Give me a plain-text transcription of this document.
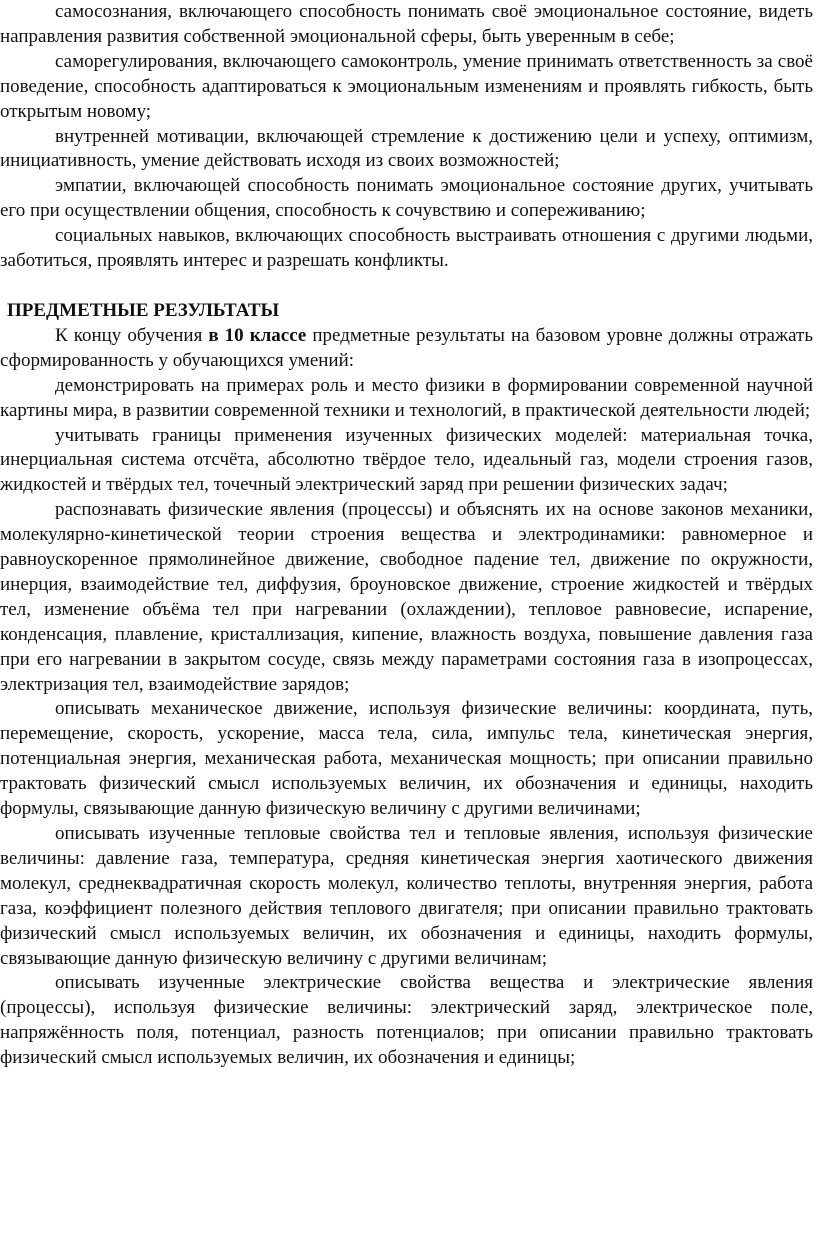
самосознания, включающего способность понимать своё эмоциональное состояние, видеть направления развития собственной эмоциональной сферы, быть уверенным в себе;

саморегулирования, включающего самоконтроль, умение принимать ответственность за своё поведение, способность адаптироваться к эмоциональным изменениям и проявлять гибкость, быть открытым новому;

внутренней мотивации, включающей стремление к достижению цели и успеху, оптимизм, инициативность, умение действовать исходя из своих возможностей;

эмпатии, включающей способность понимать эмоциональное состояние других, учитывать его при осуществлении общения, способность к сочувствию и сопереживанию;

социальных навыков, включающих способность выстраивать отношения с другими людьми, заботиться, проявлять интерес и разрешать конфликты.

ПРЕДМЕТНЫЕ РЕЗУЛЬТАТЫ

К концу обучения в 10 классе предметные результаты на базовом уровне должны отражать сформированность у обучающихся умений:

демонстрировать на примерах роль и место физики в формировании современной научной картины мира, в развитии современной техники и технологий, в практической деятельности людей;

учитывать границы применения изученных физических моделей: материальная точка, инерциальная система отсчёта, абсолютно твёрдое тело, идеальный газ, модели строения газов, жидкостей и твёрдых тел, точечный электрический заряд при решении физических задач;

распознавать физические явления (процессы) и объяснять их на основе законов механики, молекулярно-кинетической теории строения вещества и электродинамики: равномерное и равноускоренное прямолинейное движение, свободное падение тел, движение по окружности, инерция, взаимодействие тел, диффузия, броуновское движение, строение жидкостей и твёрдых тел, изменение объёма тел при нагревании (охлаждении), тепловое равновесие, испарение, конденсация, плавление, кристаллизация, кипение, влажность воздуха, повышение давления газа при его нагревании в закрытом сосуде, связь между параметрами состояния газа в изопроцессах, электризация тел, взаимодействие зарядов;

описывать механическое движение, используя физические величины: координата, путь, перемещение, скорость, ускорение, масса тела, сила, импульс тела, кинетическая энергия, потенциальная энергия, механическая работа, механическая мощность; при описании правильно трактовать физический смысл используемых величин, их обозначения и единицы, находить формулы, связывающие данную физическую величину с другими величинами;

описывать изученные тепловые свойства тел и тепловые явления, используя физические величины: давление газа, температура, средняя кинетическая энергия хаотического движения молекул, среднеквадратичная скорость молекул, количество теплоты, внутренняя энергия, работа газа, коэффициент полезного действия теплового двигателя; при описании правильно трактовать физический смысл используемых величин, их обозначения и единицы, находить формулы, связывающие данную физическую величину с другими величинам;

описывать изученные электрические свойства вещества и электрические явления (процессы), используя физические величины: электрический заряд, электрическое поле, напряжённость поля, потенциал, разность потенциалов; при описании правильно трактовать физический смысл используемых величин, их обозначения и единицы;
